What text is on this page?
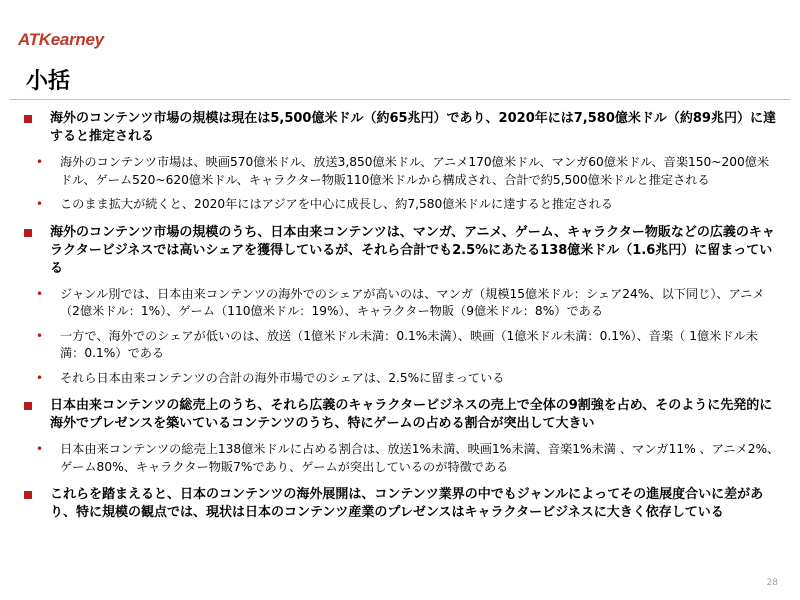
ATKearney
小括
海外のコンテンツ市場の規模は現在は5,500億米ドル（約65兆円）であり、2020年には7,580億米ドル（約89兆円）に達すると推定される
• 海外のコンテンツ市場は、映画570億米ドル、放送3,850億米ドル、アニメ170億米ドル、マンガ60億米ドル、音楽150~200億米ドル、ゲーム520~620億米ドル、キャラクター物販110億米ドルから構成され、合計で約5,500億米ドルと推定される
• このまま拡大が続くと、2020年にはアジアを中心に成長し、約7,580億米ドルに達すると推定される
海外のコンテンツ市場の規模のうち、日本由来コンテンツは、マンガ、アニメ、ゲーム、キャラクター物販などの広義のキャラクタービジネスでは高いシェアを獲得しているが、それら合計でも2.5%にあたる138億米ドル（1.6兆円）に留まっている
• ジャンル別では、日本由来コンテンツの海外でのシェアが高いのは、マンガ（規模15億米ドル：シェア24%、以下同じ）、アニメ（2億米ドル：1%）、ゲーム（110億米ドル：19%）、キャラクター物販（9億米ドル：8%）である
• 一方で、海外でのシェアが低いのは、放送（1億米ドル未満：0.1%未満）、映画（1億米ドル未満：0.1%）、音楽（ 1億米ドル未満：0.1%）である
• それら日本由来コンテンツの合計の海外市場でのシェアは、2.5%に留まっている
日本由来コンテンツの総売上のうち、それら広義のキャラクタービジネスの売上で全体の9割強を占め、そのように先発的に海外でプレゼンスを築いているコンテンツのうち、特にゲームの占める割合が突出して大きい
• 日本由来コンテンツの総売上138億米ドルに占める割合は、放送1%未満、映画1%未満、音楽1%未満 、マンガ11% 、アニメ2%、ゲーム80%、キャラクター物販7%であり、ゲームが突出しているのが特徴である
これらを踏まえると、日本のコンテンツの海外展開は、コンテンツ業界の中でもジャンルによってその進展度合いに差があり、特に規模の観点では、現状は日本のコンテンツ産業のプレゼンスはキャラクタービジネスに大きく依存している
28
